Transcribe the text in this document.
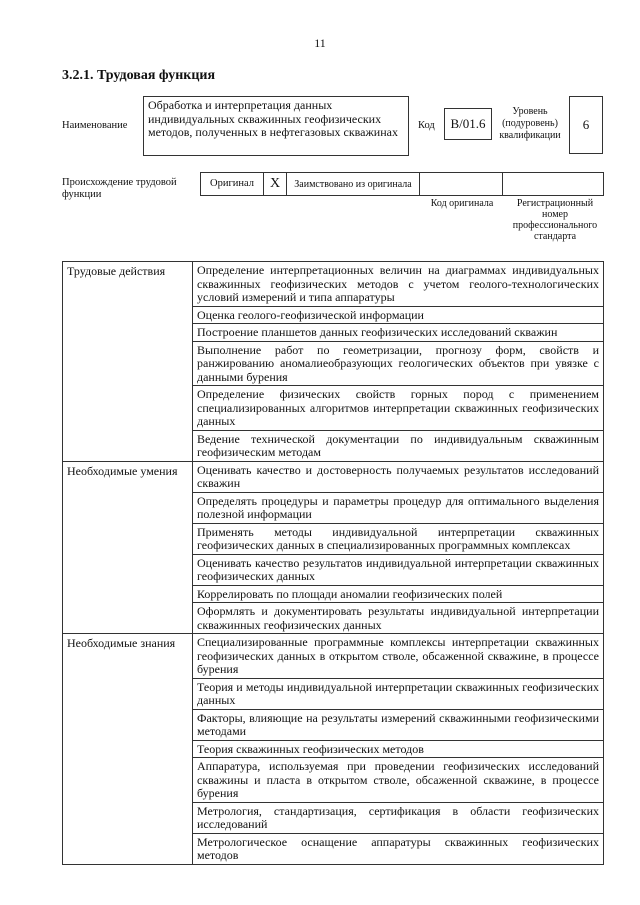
11
3.2.1. Трудовая функция
Наименование
Обработка и интерпретация данных индивидуальных скважинных геофизических методов, полученных в нефтегазовых скважинах	Код	B/01.6
Уровень (подуровень) квалификации
6
Происхождение трудовой функции
Оригинал	X	Заимствовано из оригинала
Код оригинала	Регистрационный номер профессионального стандарта
Трудовые действия	Определение интерпретационных величин на диаграммах индивидуальных скважинных геофизических методов с учетом геолого-технологических условий измерений и типа аппаратуры
	Оценка геолого-геофизической информации
	Построение планшетов данных геофизических исследований скважин
	Выполнение работ по геометризации, прогнозу форм, свойств и ранжированию аномалиеобразующих геологических объектов при увязке с данными бурения
	Определение физических свойств горных пород с применением специализированных алгоритмов интерпретации скважинных геофизических данных
	Ведение технической документации по индивидуальным скважинным геофизическим методам
Необходимые умения	Оценивать качество и достоверность получаемых результатов исследований скважин
	Определять процедуры и параметры процедур для оптимального выделения полезной информации
	Применять методы индивидуальной интерпретации скважинных геофизических данных в специализированных программных комплексах
	Оценивать качество результатов индивидуальной интерпретации скважинных геофизических данных
	Коррелировать по площади аномалии геофизических полей
	Оформлять и документировать результаты индивидуальной интерпретации скважинных геофизических данных
Необходимые знания	Специализированные программные комплексы интерпретации скважинных геофизических данных в открытом стволе, обсаженной скважине, в процессе бурения
	Теория и методы индивидуальной интерпретации скважинных геофизических данных
	Факторы, влияющие на результаты измерений скважинными геофизическими методами
	Теория скважинных геофизических методов
	Аппаратура, используемая при проведении геофизических исследований скважины и пласта в открытом стволе, обсаженной скважине, в процессе бурения
	Метрология, стандартизация, сертификация в области геофизических исследований
	Метрологическое оснащение аппаратуры скважинных геофизических методов
